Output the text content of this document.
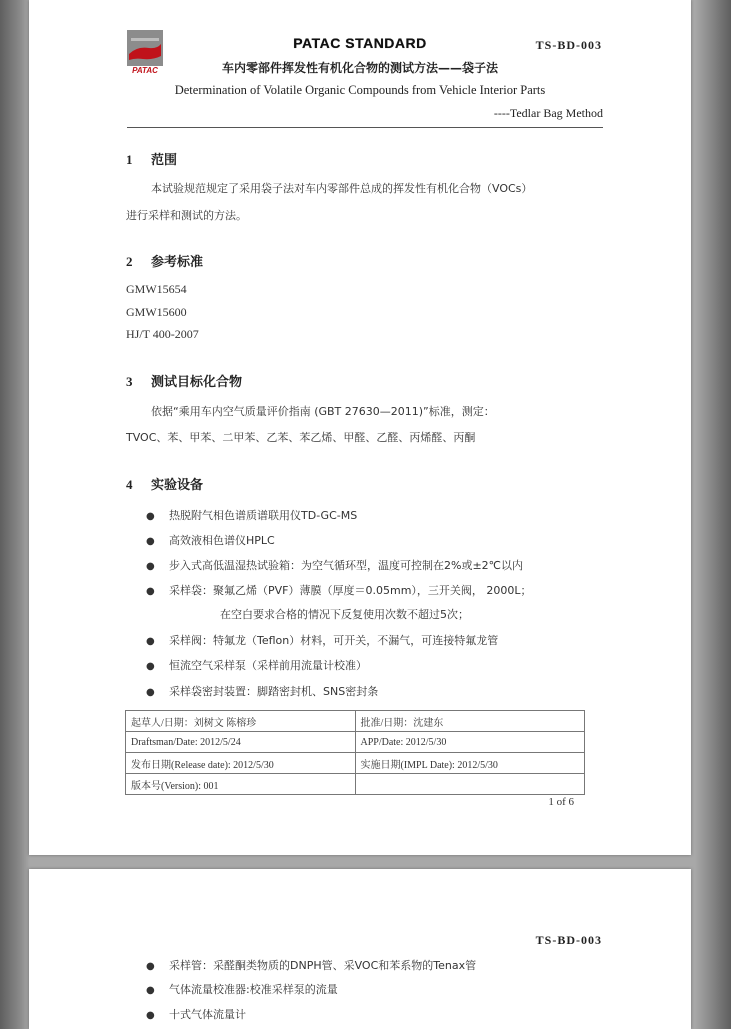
PATAC
PATAC STANDARD	TS-BD-003
车内零部件挥发性有机化合物的测试方法——袋子法
Determination of Volatile Organic Compounds from Vehicle Interior Parts
----Tedlar Bag Method
1 范围
本试验规范规定了采用袋子法对车内零部件总成的挥发性有机化合物（VOCs）
进行采样和测试的方法。
2 参考标准
GMW15654
GMW15600
HJ/T 400-2007
3 测试目标化合物
依据“乘用车内空气质量评价指南 (GBT 27630—2011)”标准，测定：
TVOC、苯、甲苯、二甲苯、乙苯、苯乙烯、甲醛、乙醛、丙烯醛、丙酮
4 实验设备
● 热脱附气相色谱质谱联用仪TD-GC-MS
● 高效液相色谱仪HPLC
● 步入式高低温湿热试验箱：为空气循环型，温度可控制在2%或±2℃以内
● 采样袋：聚氟乙烯（PVF）薄膜（厚度＝0.05mm），三开关阀， 2000L；
在空白要求合格的情况下反复使用次数不超过5次；
● 采样阀：特氟龙（Teflon）材料，可开关，不漏气，可连接特氟龙管
● 恒流空气采样泵（采样前用流量计校准）
● 采样袋密封装置：脚踏密封机、SNS密封条
起草人/日期：刘树文 陈榕珍	批准/日期：沈建东
Draftsman/Date: 2012/5/24	APP/Date: 2012/5/30
发布日期(Release date): 2012/5/30	实施日期(IMPL Date): 2012/5/30
版本号(Version): 001	
1 of 6
TS-BD-003
● 采样管：采醛酮类物质的DNPH管、采VOC和苯系物的Tenax管
● 气体流量校准器:校准采样泵的流量
● 十式气体流量计
